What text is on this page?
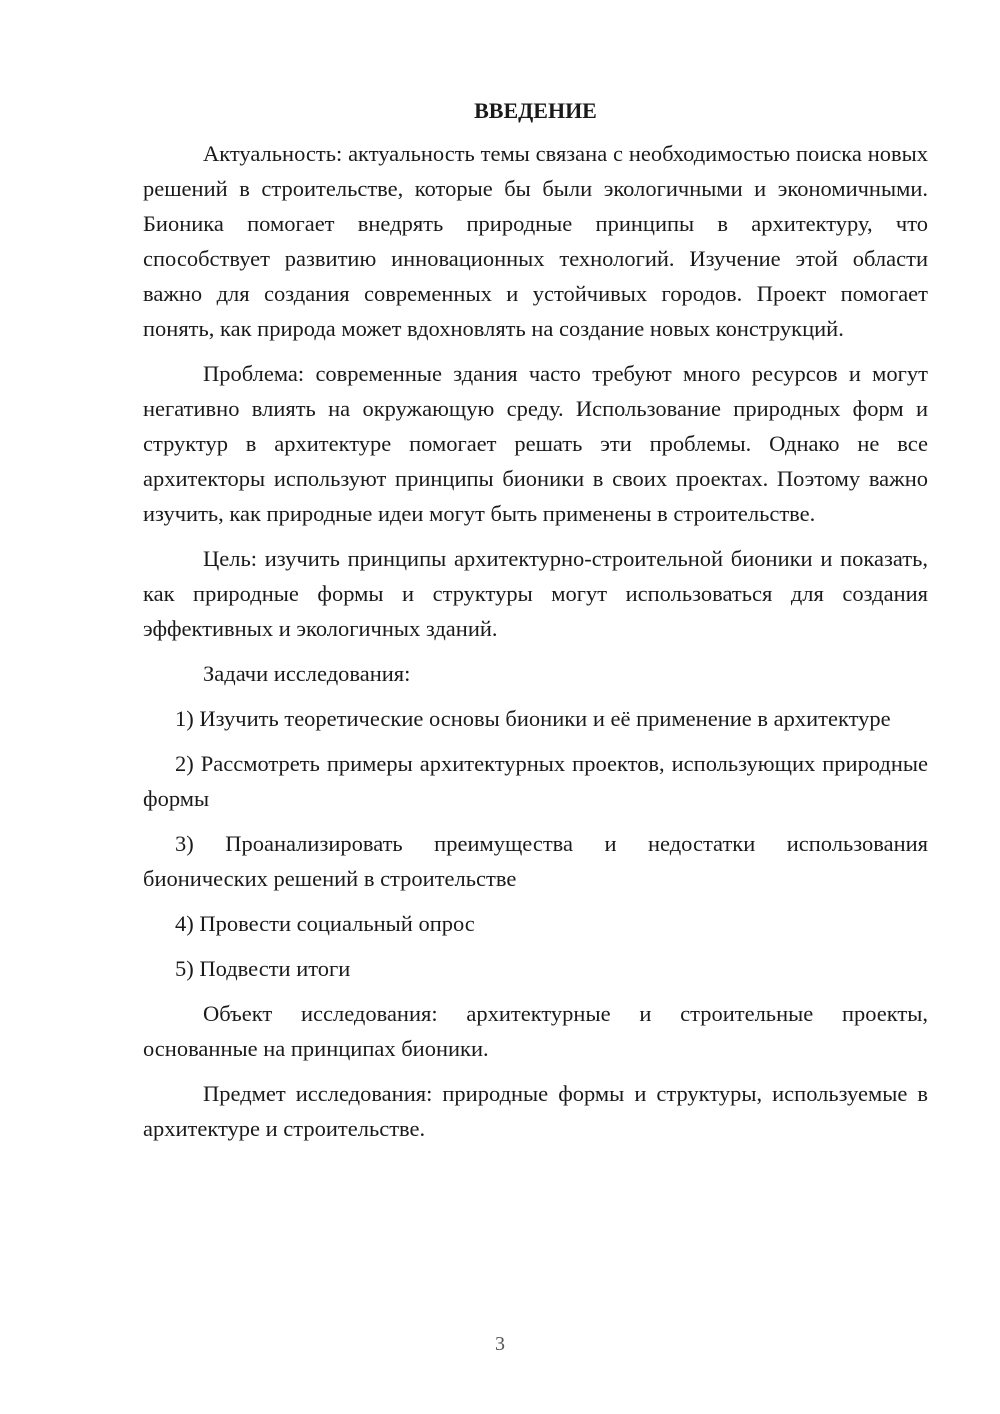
ВВЕДЕНИЕ

Актуальность: актуальность темы связана с необходимостью поиска новых решений в строительстве, которые бы были экологичными и экономичными. Бионика помогает внедрять природные принципы в архитектуру, что способствует развитию инновационных технологий. Изучение этой области важно для создания современных и устойчивых городов. Проект помогает понять, как природа может вдохновлять на создание новых конструкций.

Проблема: современные здания часто требуют много ресурсов и могут негативно влиять на окружающую среду. Использование природных форм и структур в архитектуре помогает решать эти проблемы. Однако не все архитекторы используют принципы бионики в своих проектах. Поэтому важно изучить, как природные идеи могут быть применены в строительстве.

Цель: изучить принципы архитектурно-строительной бионики и показать, как природные формы и структуры могут использоваться для создания эффективных и экологичных зданий.

Задачи исследования:

1) Изучить теоретические основы бионики и её применение в архитектуре

2) Рассмотреть примеры архитектурных проектов, использующих природные формы

3) Проанализировать преимущества и недостатки использования бионических решений в строительстве

4) Провести социальный опрос

5) Подвести итоги

Объект исследования: архитектурные и строительные проекты, основанные на принципах бионики.

Предмет исследования: природные формы и структуры, используемые в архитектуре и строительстве.

3
